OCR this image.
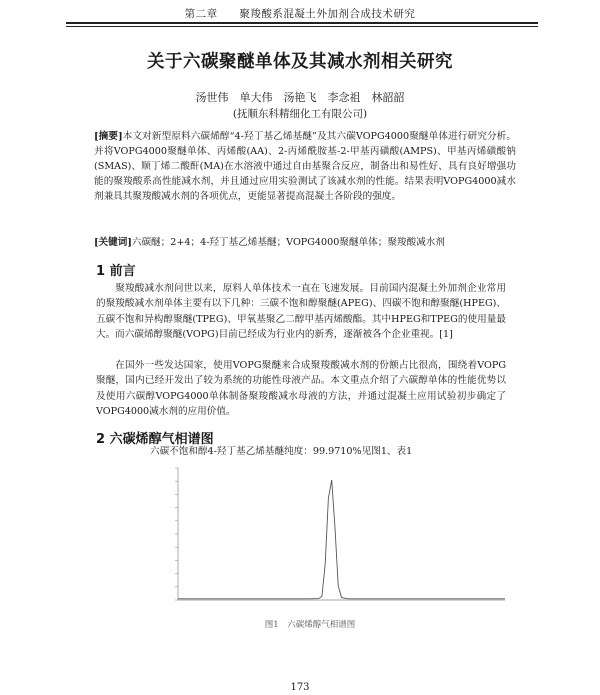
第二章 聚羧酸系混凝土外加剂合成技术研究
关于六碳聚醚单体及其减水剂相关研究
汤世伟　单大伟　汤艳飞　李念祖　林韶韶
(抚顺东科精细化工有限公司)
[摘要]本文对新型原料六碳烯醇“4-羟丁基乙烯基醚”及其六碳VOPG4000聚醚单体进行研究分析。并将VOPG4000聚醚单体、丙烯酸(AA)、2-丙烯酰胺基-2-甲基丙磺酸(AMPS)、甲基丙烯磺酸钠(SMAS)、顺丁烯二酸酐(MA)在水溶液中通过自由基聚合反应，制备出和易性好、具有良好增强功能的聚羧酸系高性能减水剂，并且通过应用实验测试了该减水剂的性能。结果表明VOPG4000减水剂兼具其聚羧酸减水剂的各项优点，更能显著提高混凝土各阶段的强度。
[关键词]六碳醚；2+4；4-羟丁基乙烯基醚；VOPG4000聚醚单体；聚羧酸减水剂
1 前言
聚羧酸减水剂问世以来，原料人单体技术一直在飞速发展。目前国内混凝土外加剂企业常用的聚羧酸减水剂单体主要有以下几种：三碳不饱和醇聚醚(APEG)、四碳不饱和醇聚醚(HPEG)、五碳不饱和异构醇聚醚(TPEG)、甲氧基聚乙二醇甲基丙烯酸酯。其中HPEG和TPEG的使用量最大。而六碳烯醇聚醚(VOPG)目前已经成为行业内的新秀，逐渐被各个企业重视。[1]
在国外一些发达国家，使用VOPG聚醚来合成聚羧酸减水剂的份额占比很高，围绕着VOPG聚醚，国内已经开发出了较为系统的功能性母液产品。本文重点介绍了六碳醇单体的性能优势以及使用六碳醇VOPG4000单体制备聚羧酸减水母液的方法，并通过混凝土应用试验初步确定了VOPG4000减水剂的应用价值。
2 六碳烯醇气相谱图
六碳不饱和醇4-羟丁基乙烯基醚纯度：99.9710%见图1、表1
图1　六碳烯醇气相谱图
173
